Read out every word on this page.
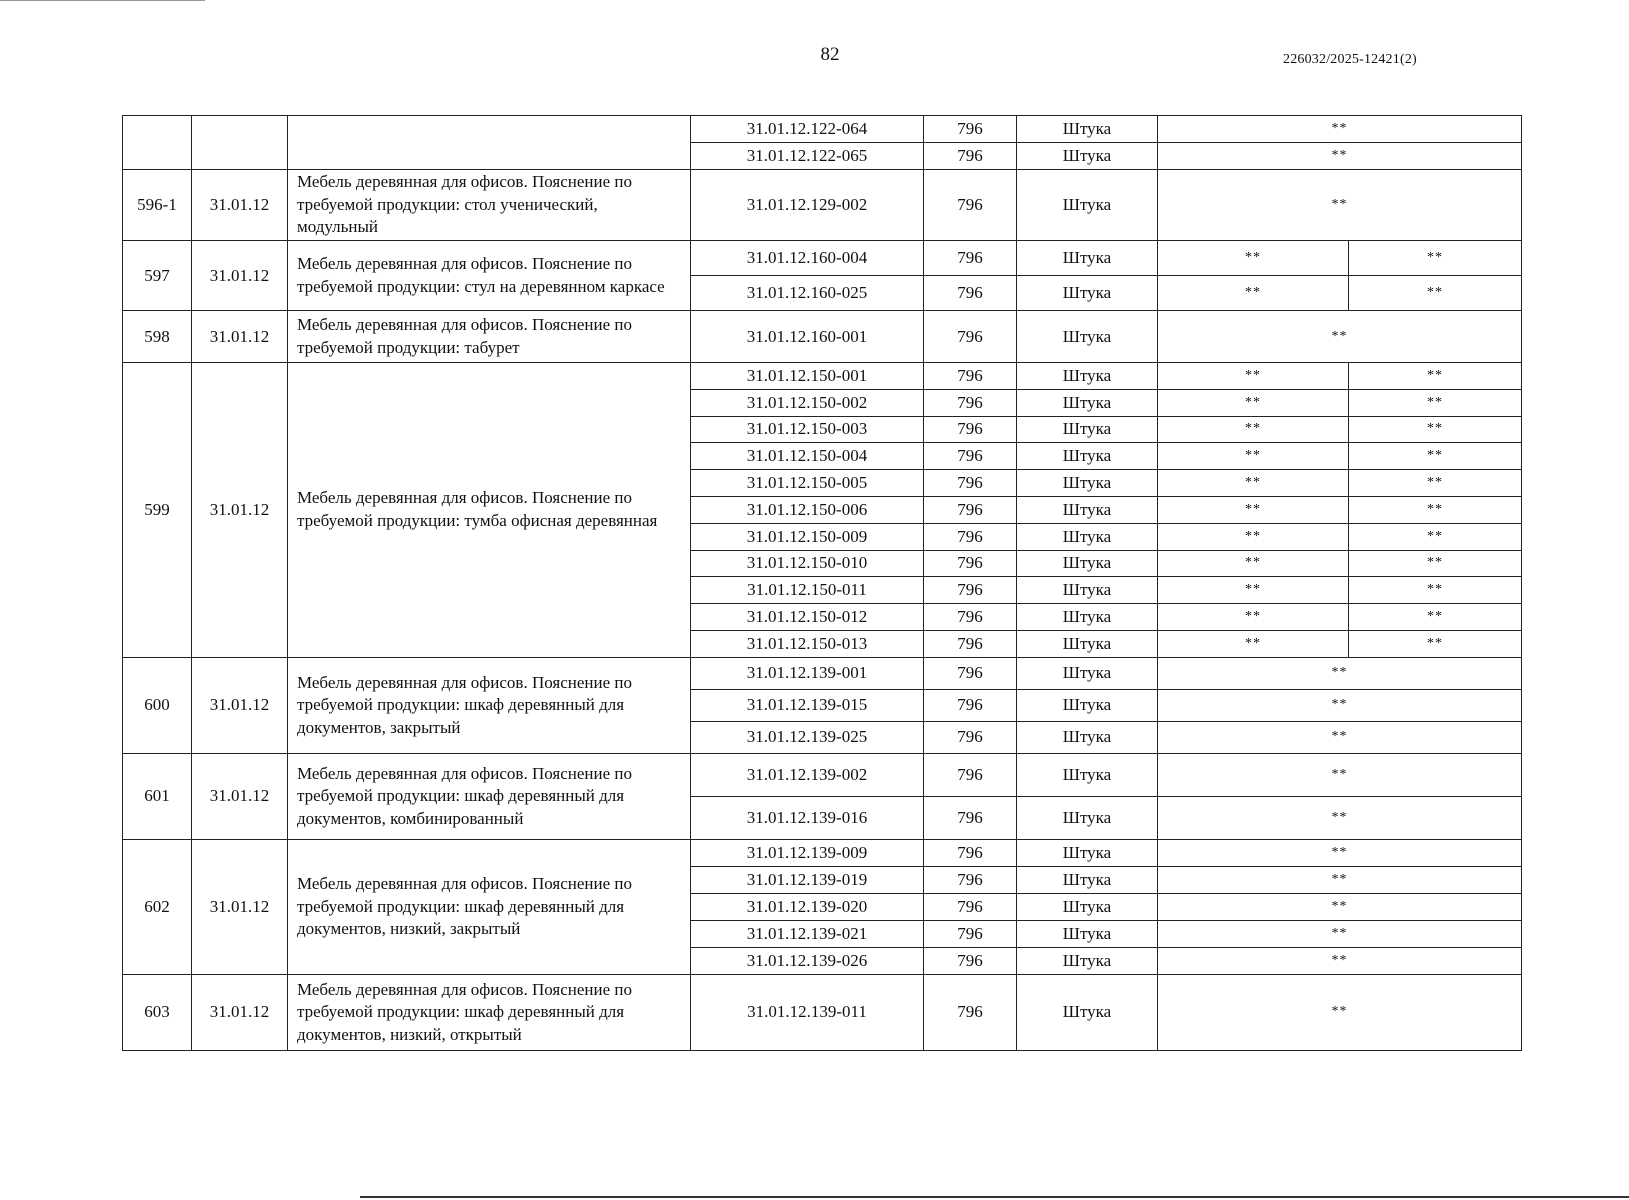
82	226032/2025-12421(2)
			31.01.12.122-064	796	Штука	**	
			31.01.12.122-065	796	Штука	**	
596-1	31.01.12	Мебель деревянная для офисов. Пояснение по требуемой продукции: стол ученический, модульный	31.01.12.129-002	796	Штука	**	
597	31.01.12	Мебель деревянная для офисов. Пояснение по требуемой продукции: стул на деревянном каркасе	31.01.12.160-004	796	Штука	**	**
			31.01.12.160-025	796	Штука	**	**
598	31.01.12	Мебель деревянная для офисов. Пояснение по требуемой продукции: табурет	31.01.12.160-001	796	Штука	**	
599	31.01.12	Мебель деревянная для офисов. Пояснение по требуемой продукции: тумба офисная деревянная	31.01.12.150-001	796	Штука	**	**
			31.01.12.150-002	796	Штука	**	**
			31.01.12.150-003	796	Штука	**	**
			31.01.12.150-004	796	Штука	**	**
			31.01.12.150-005	796	Штука	**	**
			31.01.12.150-006	796	Штука	**	**
			31.01.12.150-009	796	Штука	**	**
			31.01.12.150-010	796	Штука	**	**
			31.01.12.150-011	796	Штука	**	**
			31.01.12.150-012	796	Штука	**	**
			31.01.12.150-013	796	Штука	**	**
600	31.01.12	Мебель деревянная для офисов. Пояснение по требуемой продукции: шкаф деревянный для документов, закрытый	31.01.12.139-001	796	Штука	**	
			31.01.12.139-015	796	Штука	**	
			31.01.12.139-025	796	Штука	**	
601	31.01.12	Мебель деревянная для офисов. Пояснение по требуемой продукции: шкаф деревянный для документов, комбинированный	31.01.12.139-002	796	Штука	**	
			31.01.12.139-016	796	Штука	**	
602	31.01.12	Мебель деревянная для офисов. Пояснение по требуемой продукции: шкаф деревянный для документов, низкий, закрытый	31.01.12.139-009	796	Штука	**	
			31.01.12.139-019	796	Штука	**	
			31.01.12.139-020	796	Штука	**	
			31.01.12.139-021	796	Штука	**	
			31.01.12.139-026	796	Штука	**	
603	31.01.12	Мебель деревянная для офисов. Пояснение по требуемой продукции: шкаф деревянный для документов, низкий, открытый	31.01.12.139-011	796	Штука	**	
